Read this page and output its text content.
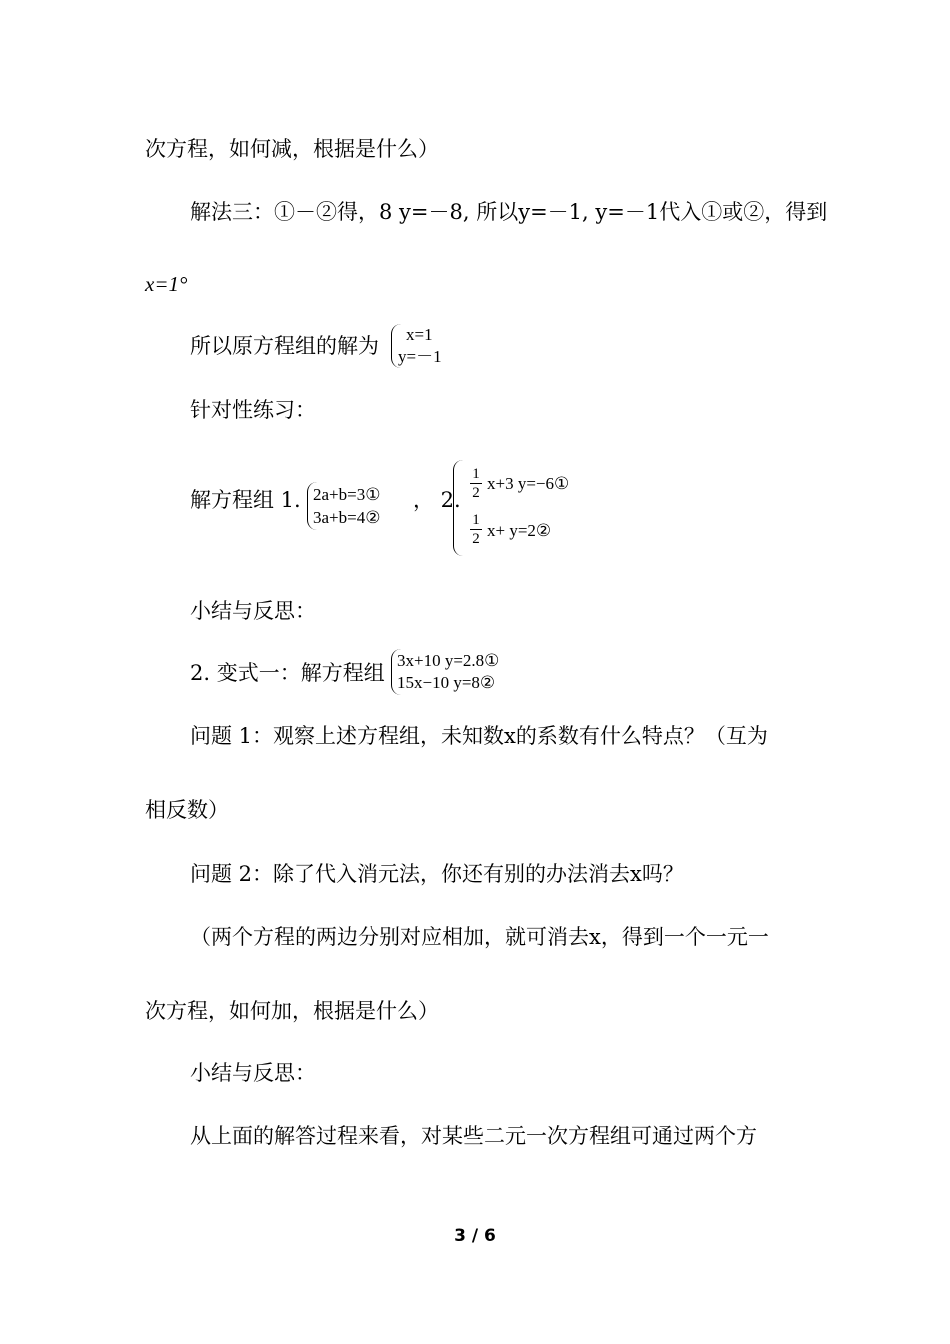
次方程，如何减，根据是什么）
解法三：①－②得，8 y=－8, 所以y=－1, y=－1代入①或②，得到
x=1°
所以原方程组的解为 x=1
y=－1
针对性练习：
解方程组 1. 2a+b=3①
3a+b=4②
， 2.
1
2 x+3 y=−6①
1
2 x+ y=2②
小结与反思：
2. 变式一：解方程组
3x+10 y=2.8①
15x−10 y=8②
问题 1：观察上述方程组，未知数x的系数有什么特点？（互为
相反数）
问题 2：除了代入消元法，你还有别的办法消去x吗？
（两个方程的两边分别对应相加，就可消去x，得到一个一元一
次方程，如何加，根据是什么）
小结与反思：
从上面的解答过程来看，对某些二元一次方程组可通过两个方
3 / 6
